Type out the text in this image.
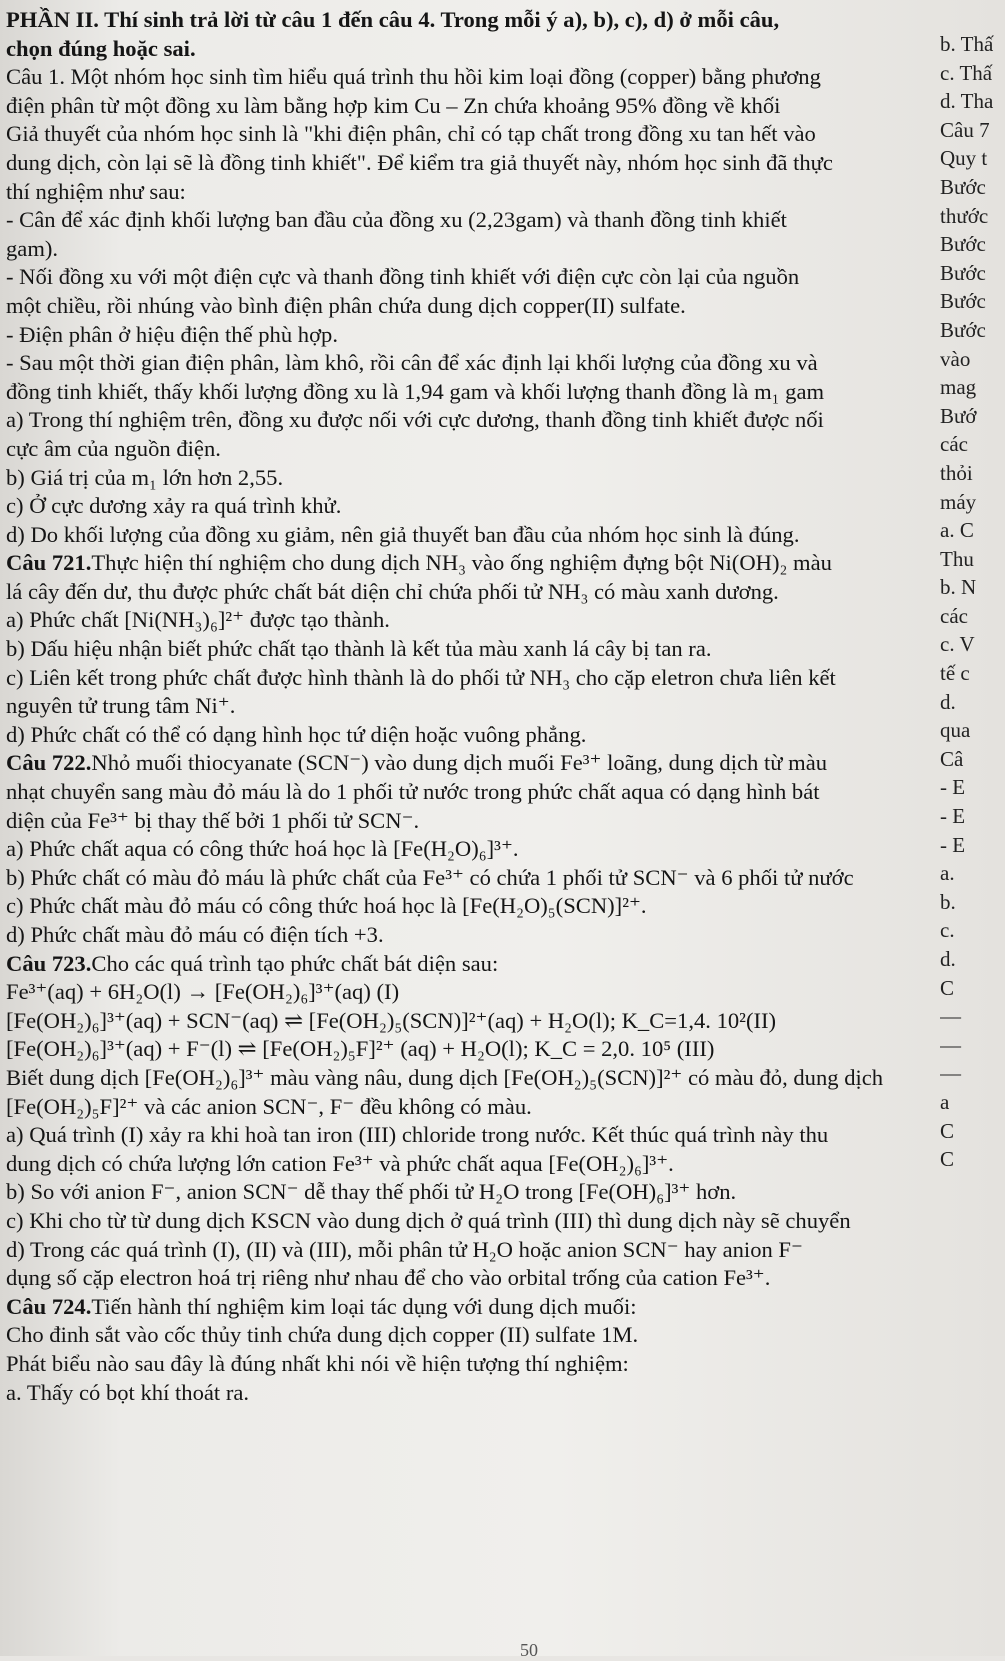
PHẦN II. Thí sinh trả lời từ câu 1 đến câu 4. Trong mỗi ý a), b), c), d) ở mỗi câu,

chọn đúng hoặc sai.

Câu 1. Một nhóm học sinh tìm hiểu quá trình thu hồi kim loại đồng (copper) bằng phương

điện phân từ một đồng xu làm bằng hợp kim Cu – Zn chứa khoảng 95% đồng về khối

Giả thuyết của nhóm học sinh là "khi điện phân, chỉ có tạp chất trong đồng xu tan hết vào

dung dịch, còn lại sẽ là đồng tinh khiết". Để kiểm tra giả thuyết này, nhóm học sinh đã thực

thí nghiệm như sau:

- Cân để xác định khối lượng ban đầu của đồng xu (2,23gam) và thanh đồng tinh khiết

gam).

- Nối đồng xu với một điện cực và thanh đồng tinh khiết với điện cực còn lại của nguồn

một chiều, rồi nhúng vào bình điện phân chứa dung dịch copper(II) sulfate.

- Điện phân ở hiệu điện thế phù hợp.

- Sau một thời gian điện phân, làm khô, rồi cân để xác định lại khối lượng của đồng xu và

đồng tinh khiết, thấy khối lượng đồng xu là 1,94 gam và khối lượng thanh đồng là m₁ gam

a) Trong thí nghiệm trên, đồng xu được nối với cực dương, thanh đồng tinh khiết được nối

cực âm của nguồn điện.

b) Giá trị của m₁ lớn hơn 2,55.

c) Ở cực dương xảy ra quá trình khử.

d) Do khối lượng của đồng xu giảm, nên giả thuyết ban đầu của nhóm học sinh là đúng.

Câu 721.Thực hiện thí nghiệm cho dung dịch NH₃ vào ống nghiệm đựng bột Ni(OH)₂ màu

lá cây đến dư, thu được phức chất bát diện chỉ chứa phối tử NH₃ có màu xanh dương.

a) Phức chất [Ni(NH₃)₆]²⁺ được tạo thành.

b) Dấu hiệu nhận biết phức chất tạo thành là kết tủa màu xanh lá cây bị tan ra.

c) Liên kết trong phức chất được hình thành là do phối tử NH₃ cho cặp eletron chưa liên kết

nguyên tử trung tâm Ni⁺.

d) Phức chất có thể có dạng hình học tứ diện hoặc vuông phẳng.

Câu 722.Nhỏ muối thiocyanate (SCN⁻) vào dung dịch muối Fe³⁺ loãng, dung dịch từ màu

nhạt chuyển sang màu đỏ máu là do 1 phối tử nước trong phức chất aqua có dạng hình bát

diện của Fe³⁺ bị thay thế bởi 1 phối tử SCN⁻.

a) Phức chất aqua có công thức hoá học là [Fe(H₂O)₆]³⁺.

b) Phức chất có màu đỏ máu là phức chất của Fe³⁺ có chứa 1 phối tử SCN⁻ và 6 phối tử nước

c) Phức chất màu đỏ máu có công thức hoá học là [Fe(H₂O)₅(SCN)]²⁺.

d) Phức chất màu đỏ máu có điện tích +3.

Câu 723.Cho các quá trình tạo phức chất bát diện sau:

Fe³⁺(aq) + 6H₂O(l) → [Fe(OH₂)₆]³⁺(aq) (I)

[Fe(OH₂)₆]³⁺(aq) + SCN⁻(aq) ⇌ [Fe(OH₂)₅(SCN)]²⁺(aq) + H₂O(l); K_C=1,4. 10²(II)

[Fe(OH₂)₆]³⁺(aq) + F⁻(l) ⇌ [Fe(OH₂)₅F]²⁺ (aq) + H₂O(l); K_C = 2,0. 10⁵ (III)

Biết dung dịch [Fe(OH₂)₆]³⁺ màu vàng nâu, dung dịch [Fe(OH₂)₅(SCN)]²⁺ có màu đỏ, dung dịch

[Fe(OH₂)₅F]²⁺ và các anion SCN⁻, F⁻ đều không có màu.

a) Quá trình (I) xảy ra khi hoà tan iron (III) chloride trong nước. Kết thúc quá trình này thu

dung dịch có chứa lượng lớn cation Fe³⁺ và phức chất aqua [Fe(OH₂)₆]³⁺.

b) So với anion F⁻, anion SCN⁻ dễ thay thế phối tử H₂O trong [Fe(OH)₆]³⁺ hơn.

c) Khi cho từ từ dung dịch KSCN vào dung dịch ở quá trình (III) thì dung dịch này sẽ chuyển

d) Trong các quá trình (I), (II) và (III), mỗi phân tử H₂O hoặc anion SCN⁻ hay anion F⁻

dụng số cặp electron hoá trị riêng như nhau để cho vào orbital trống của cation Fe³⁺.

Câu 724.Tiến hành thí nghiệm kim loại tác dụng với dung dịch muối:

Cho đinh sắt vào cốc thủy tinh chứa dung dịch copper (II) sulfate 1M.

Phát biểu nào sau đây là đúng nhất khi nói về hiện tượng thí nghiệm:

a. Thấy có bọt khí thoát ra.

b. Thấ

c. Thấ

d. Tha

Câu 7

Quy t

Bước

thước

Bước

Bước

Bước

Bước

vào

mag

Bướ

các

thỏi

máy

a. C

Thu

b. N

các

c. V

tế c

d.

qua

Câ

- E

- E

- E

a.

b.

c.

d.

C

—

—

—

a

C

C

50
